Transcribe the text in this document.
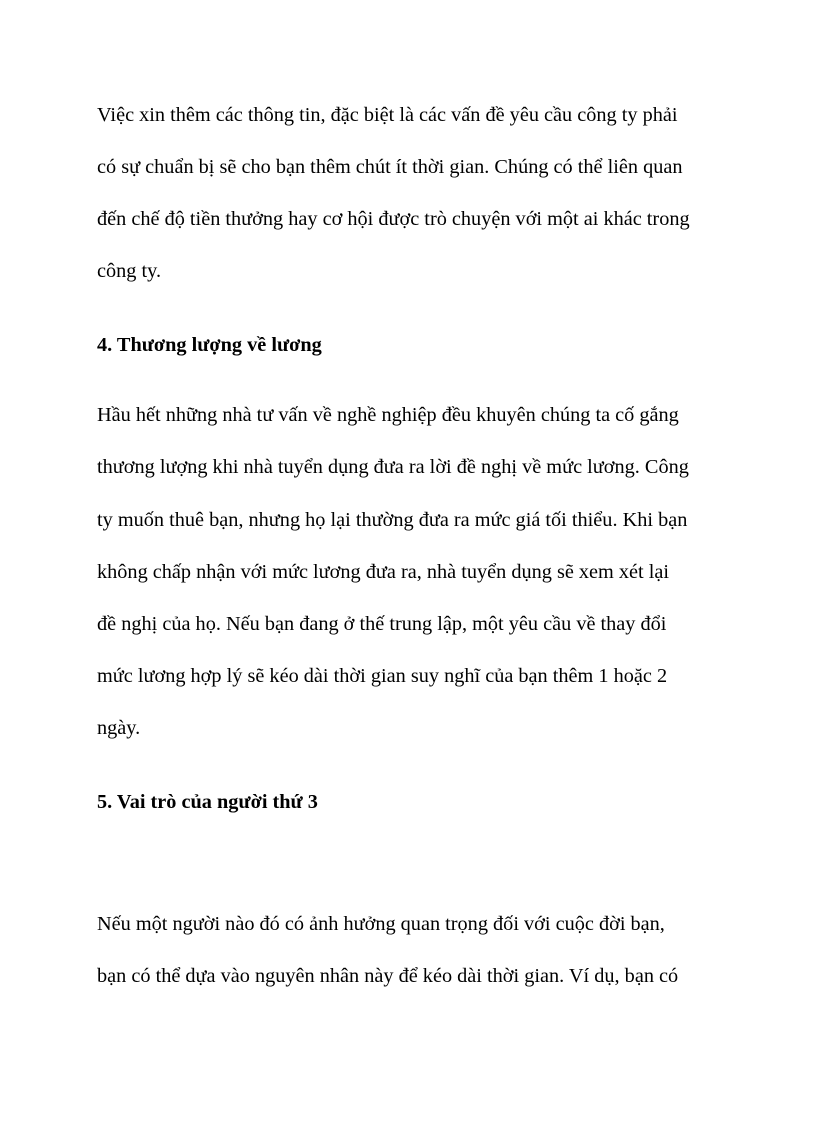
Việc xin thêm các thông tin, đặc biệt là các vấn đề yêu cầu công ty phải
có sự chuẩn bị sẽ cho bạn thêm chút ít thời gian. Chúng có thể liên quan
đến chế độ tiền thưởng hay cơ hội được trò chuyện với một ai khác trong
công ty.
4. Thương lượng về lương
Hầu hết những nhà tư vấn về nghề nghiệp đều khuyên chúng ta cố gắng
thương lượng khi nhà tuyển dụng đưa ra lời đề nghị về mức lương. Công
ty muốn thuê bạn, nhưng họ lại thường đưa ra mức giá tối thiểu. Khi bạn
không chấp nhận với mức lương đưa ra, nhà tuyển dụng sẽ xem xét lại
đề nghị của họ. Nếu bạn đang ở thế trung lập, một yêu cầu về thay đổi
mức lương hợp lý sẽ kéo dài thời gian suy nghĩ của bạn thêm 1 hoặc 2
ngày.
5. Vai trò của người thứ 3
Nếu một người nào đó có ảnh hưởng quan trọng đối với cuộc đời bạn,
bạn có thể dựa vào nguyên nhân này để kéo dài thời gian. Ví dụ, bạn có
